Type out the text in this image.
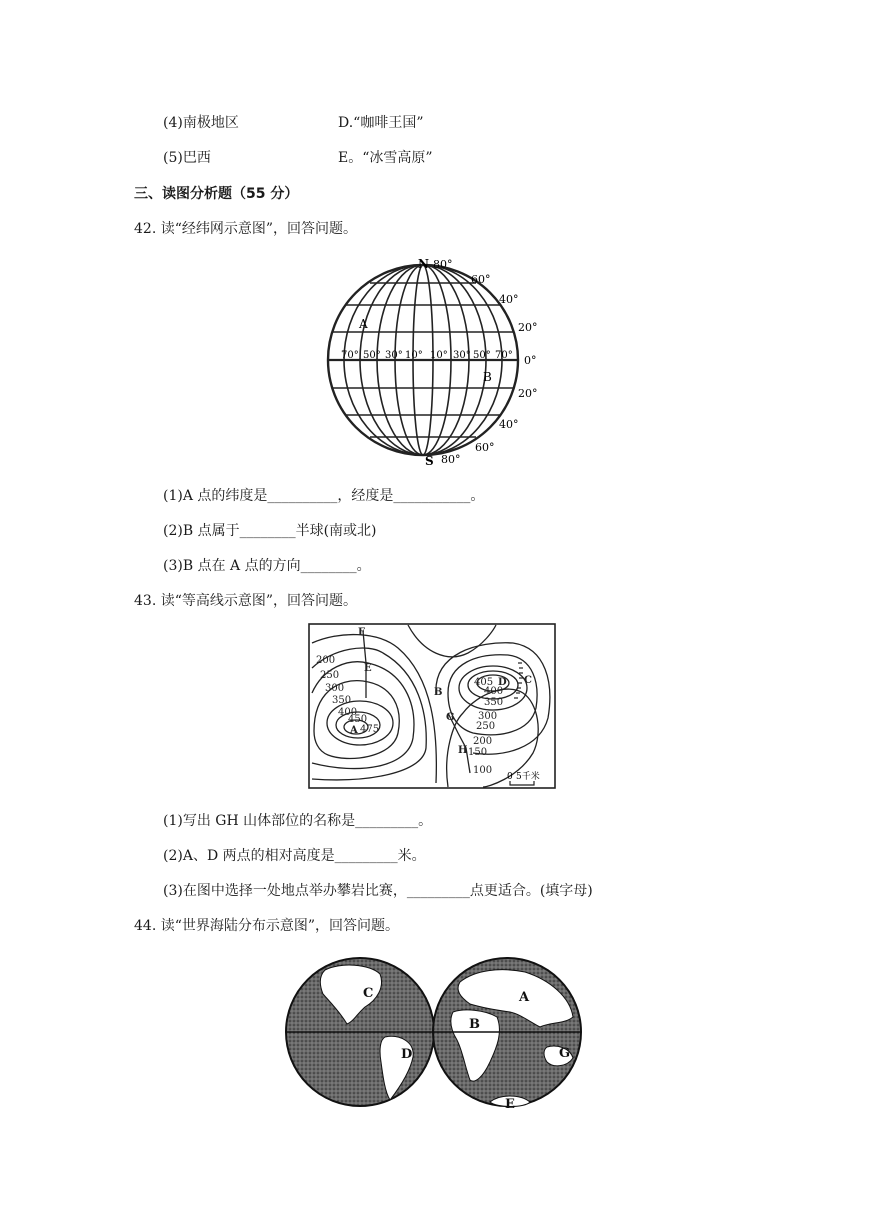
(4)南极地区	D.“咖啡王国”
(5)巴西	E。“冰雪高原”
三、读图分析题（55 分）
42. 读“经纬网示意图”，回答问题。
N 80°
S 80°
60°
40°
20°
0°
20°
40°
60°
70° 50° 30° 10° 10° 30° 50° 70°
A
B
(1)A 点的纬度是__________，经度是___________。
(2)B 点属于________半球(南或北)
(3)B 点在 A 点的方向________。
43. 读“等高线示意图”，回答问题。
200
250
300
350
400
450
475
400
350
300
250
200
150
100
405
F
E
A
B
C
D
G
H
0 5千米
(1)写出 GH 山体部位的名称是_________。
(2)A、D 两点的相对高度是_________米。
(3)在图中选择一处地点举办攀岩比赛，_________点更适合。(填字母)
44. 读“世界海陆分布示意图”，回答问题。
C
D
A
B
G
E
